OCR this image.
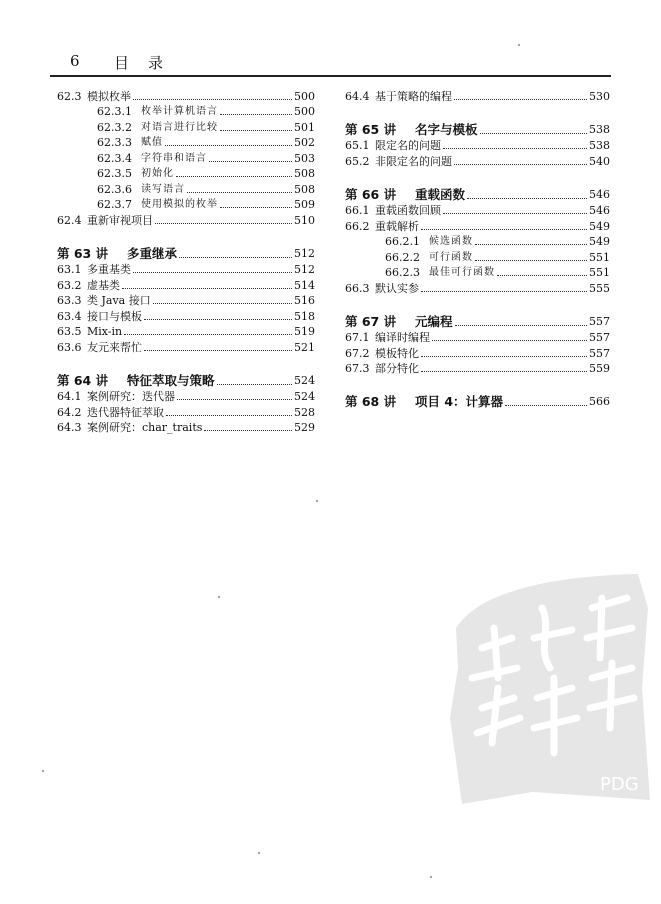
6 目 录
62.3 模拟枚举	500
62.3.1 枚举计算机语言	500
62.3.2 对语言进行比较	501
62.3.3 赋值	502
62.3.4 字符串和语言	503
62.3.5 初始化	508
62.3.6 读写语言	508
62.3.7 使用模拟的枚举	509
62.4 重新审视项目	510
第 63 讲	多重继承	512
63.1 多重基类	512
63.2 虚基类	514
63.3 类 Java 接口	516
63.4 接口与模板	518
63.5 Mix-in	519
63.6 友元来帮忙	521
第 64 讲	特征萃取与策略	524
64.1 案例研究：迭代器	524
64.2 迭代器特征萃取	528
64.3 案例研究：char_traits	529
64.4 基于策略的编程	530
第 65 讲	名字与模板	538
65.1 限定名的问题	538
65.2 非限定名的问题	540
第 66 讲	重载函数	546
66.1 重载函数回顾	546
66.2 重载解析	549
66.2.1 候选函数	549
66.2.2 可行函数	551
66.2.3 最佳可行函数	551
66.3 默认实参	555
第 67 讲	元编程	557
67.1 编译时编程	557
67.2 模板特化	557
67.3 部分特化	559
第 68 讲	项目 4：计算器	566
PDG
